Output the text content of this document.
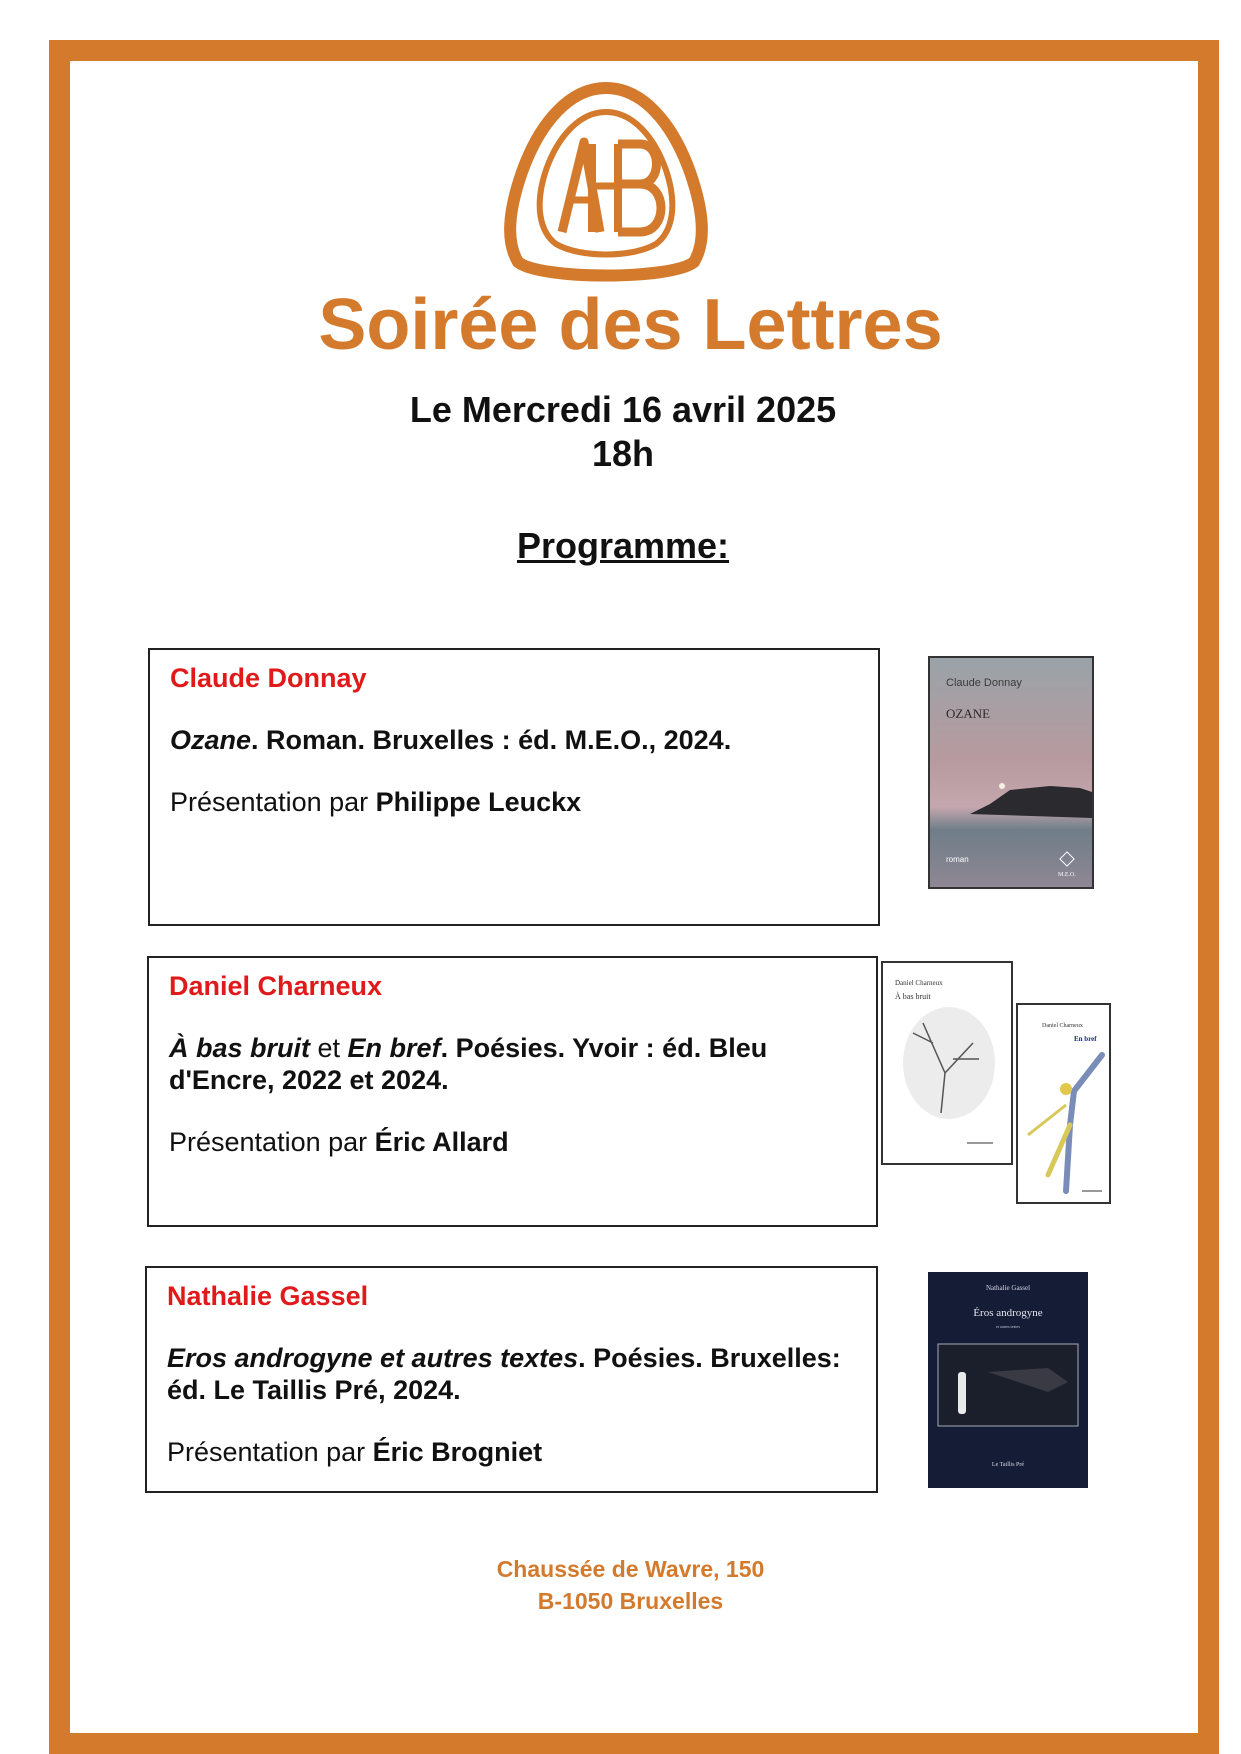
Soirée des Lettres
Le Mercredi 16 avril 2025
18h
Programme:

Claude Donnay

Ozane. Roman. Bruxelles : éd. M.E.O., 2024.

Présentation par Philippe Leuckx

Claude Donnay
OZANE
roman
M.E.O.

Daniel Charneux

À bas bruit et En bref. Poésies. Yvoir : éd. Bleu d'Encre, 2022 et 2024.

Présentation par Éric Allard

Daniel Charneux
À bas bruit
Daniel Charneux
En bref

Nathalie Gassel

Eros androgyne et autres textes. Poésies. Bruxelles: éd. Le Taillis Pré, 2024.

Présentation par Éric Brogniet

Nathalie Gassel
Éros androgyne
et autres textes
Le Taillis Pré
Chaussée de Wavre, 150
B-1050 Bruxelles
